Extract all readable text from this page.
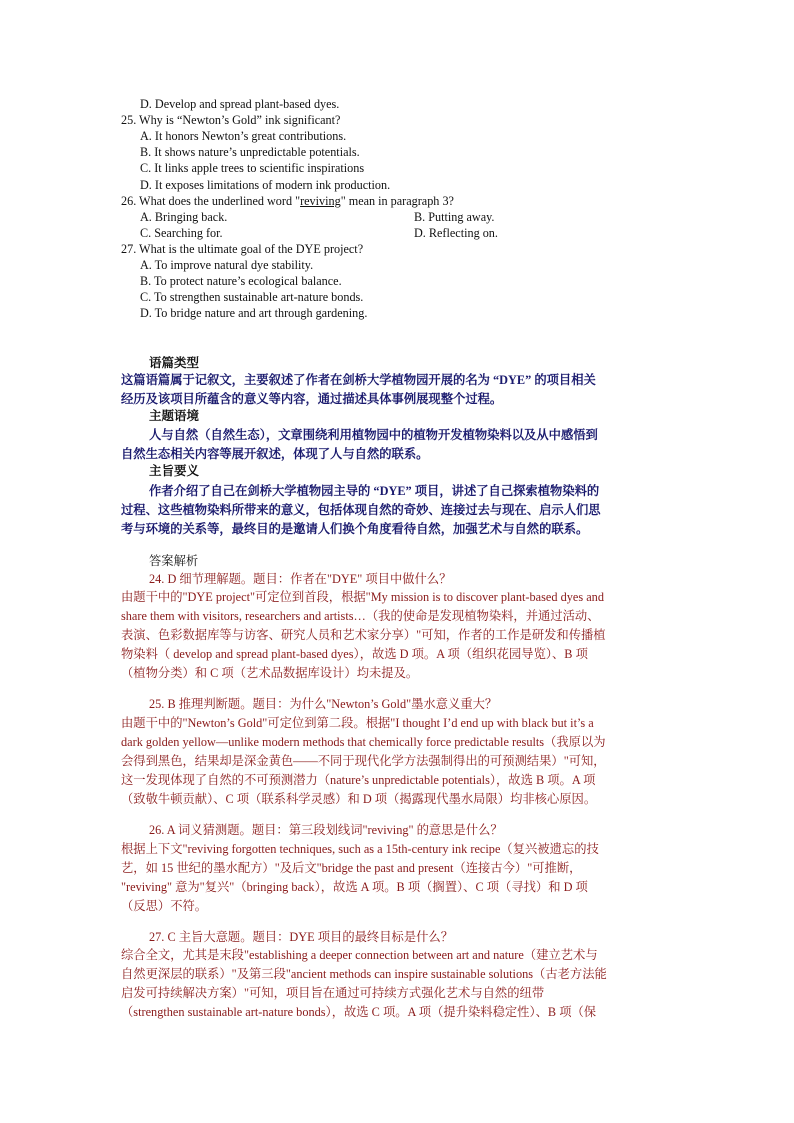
D. Develop and spread plant-based dyes.
25. Why is “Newton’s Gold” ink significant?
A. It honors Newton’s great contributions.
B. It shows nature’s unpredictable potentials.
C. It links apple trees to scientific inspirations
D. It exposes limitations of modern ink production.
26. What does the underlined word "reviving" mean in paragraph 3?
A. Bringing back.	B. Putting away.
C. Searching for.	D. Reflecting on.
27. What is the ultimate goal of the DYE project?
A. To improve natural dye stability.
B. To protect nature’s ecological balance.
C. To strengthen sustainable art-nature bonds.
D. To bridge nature and art through gardening.
语篇类型
这篇语篇属于记叙文，主要叙述了作者在剑桥大学植物园开展的名为 “DYE” 的项目相关
经历及该项目所蕴含的意义等内容，通过描述具体事例展现整个过程。
主题语境
人与自然（自然生态），文章围绕利用植物园中的植物开发植物染料以及从中感悟到
自然生态相关内容等展开叙述，体现了人与自然的联系。
主旨要义
作者介绍了自己在剑桥大学植物园主导的 “DYE” 项目，讲述了自己探索植物染料的
过程、这些植物染料所带来的意义，包括体现自然的奇妙、连接过去与现在、启示人们思
考与环境的关系等，最终目的是邀请人们换个角度看待自然，加强艺术与自然的联系。
答案解析
24. D 细节理解题。题目：作者在"DYE" 项目中做什么？
由题干中的"DYE project"可定位到首段，根据"My mission is to discover plant-based dyes and
share them with visitors, researchers and artists…（我的使命是发现植物染料，并通过活动、
表演、色彩数据库等与访客、研究人员和艺术家分享）"可知，作者的工作是研发和传播植
物染料（ develop and spread plant-based dyes），故选 D 项。A 项（组织花园导览）、B 项
（植物分类）和 C 项（艺术品数据库设计）均未提及。
25. B 推理判断题。题目：为什么"Newton’s Gold"墨水意义重大？
由题干中的"Newton’s Gold"可定位到第二段。根据"I thought I’d end up with black but it’s a
dark golden yellow—unlike modern methods that chemically force predictable results（我原以为
会得到黑色，结果却是深金黄色——不同于现代化学方法强制得出的可预测结果）"可知，
这一发现体现了自然的不可预测潜力（nature’s unpredictable potentials），故选 B 项。A 项
（致敬牛顿贡献）、C 项（联系科学灵感）和 D 项（揭露现代墨水局限）均非核心原因。
26. A 词义猜测题。题目：第三段划线词"reviving" 的意思是什么？
根据上下文"reviving forgotten techniques, such as a 15th-century ink recipe（复兴被遗忘的技
艺，如 15 世纪的墨水配方）"及后文"bridge the past and present（连接古今）"可推断，
"reviving" 意为"复兴"（bringing back），故选 A 项。B 项（搁置）、C 项（寻找）和 D 项
（反思）不符。
27. C 主旨大意题。题目：DYE 项目的最终目标是什么？
综合全文，尤其是末段"establishing a deeper connection between art and nature（建立艺术与
自然更深层的联系）"及第三段"ancient methods can inspire sustainable solutions（古老方法能
启发可持续解决方案）"可知，项目旨在通过可持续方式强化艺术与自然的纽带
（strengthen sustainable art-nature bonds），故选 C 项。A 项（提升染料稳定性）、B 项（保
